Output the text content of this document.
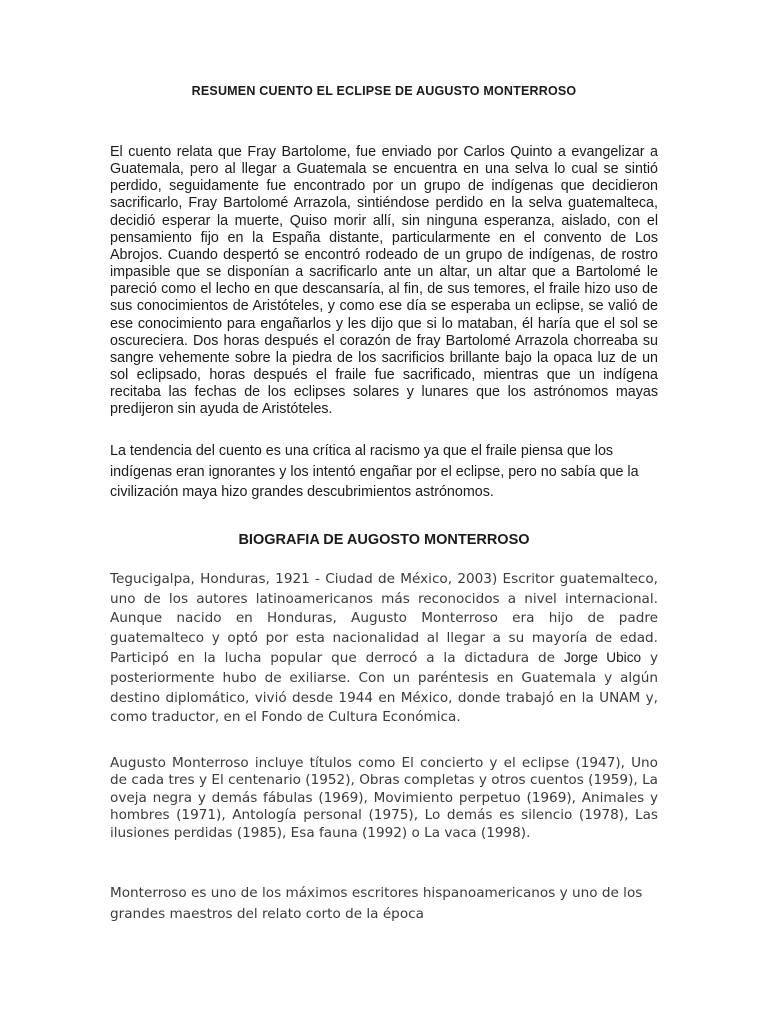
RESUMEN CUENTO EL ECLIPSE DE AUGUSTO MONTERROSO

El cuento relata que Fray Bartolome, fue enviado por Carlos Quinto a evangelizar a Guatemala, pero al llegar a Guatemala se encuentra en una selva lo cual se sintió perdido, seguidamente fue encontrado por un grupo de indígenas que decidieron sacrificarlo, Fray Bartolomé Arrazola, sintiéndose perdido en la selva guatemalteca, decidió esperar la muerte, Quiso morir allí, sin ninguna esperanza, aislado, con el pensamiento fijo en la España distante, particularmente en el convento de Los Abrojos. Cuando despertó se encontró rodeado de un grupo de indígenas, de rostro impasible que se disponían a sacrificarlo ante un altar, un altar que a Bartolomé le pareció como el lecho en que descansaría, al fin, de sus temores, el fraile hizo uso de sus conocimientos de Aristóteles, y como ese día se esperaba un eclipse, se valió de ese conocimiento para engañarlos y les dijo que si lo mataban, él haría que el sol se oscureciera. Dos horas después el corazón de fray Bartolomé Arrazola chorreaba su sangre vehemente sobre la piedra de los sacrificios brillante bajo la opaca luz de un sol eclipsado, horas después el fraile fue sacrificado, mientras que un indígena recitaba las fechas de los eclipses solares y lunares que los astrónomos mayas predijeron sin ayuda de Aristóteles.

La tendencia del cuento es una crítica al racismo ya que el fraile piensa que los indígenas eran ignorantes y los intentó engañar por el eclipse, pero no sabía que la civilización maya hizo grandes descubrimientos astrónomos.

BIOGRAFIA DE AUGOSTO MONTERROSO

Tegucigalpa, Honduras, 1921 - Ciudad de México, 2003) Escritor guatemalteco, uno de los autores latinoamericanos más reconocidos a nivel internacional. Aunque nacido en Honduras, Augusto Monterroso era hijo de padre guatemalteco y optó por esta nacionalidad al llegar a su mayoría de edad. Participó en la lucha popular que derrocó a la dictadura de Jorge Ubico y posteriormente hubo de exiliarse. Con un paréntesis en Guatemala y algún destino diplomático, vivió desde 1944 en México, donde trabajó en la UNAM y, como traductor, en el Fondo de Cultura Económica.

Augusto Monterroso incluye títulos como El concierto y el eclipse (1947), Uno de cada tres y El centenario (1952), Obras completas y otros cuentos (1959), La oveja negra y demás fábulas (1969), Movimiento perpetuo (1969), Animales y hombres (1971), Antología personal (1975), Lo demás es silencio (1978), Las ilusiones perdidas (1985), Esa fauna (1992) o La vaca (1998).

Monterroso es uno de los máximos escritores hispanoamericanos y uno de los grandes maestros del relato corto de la época
